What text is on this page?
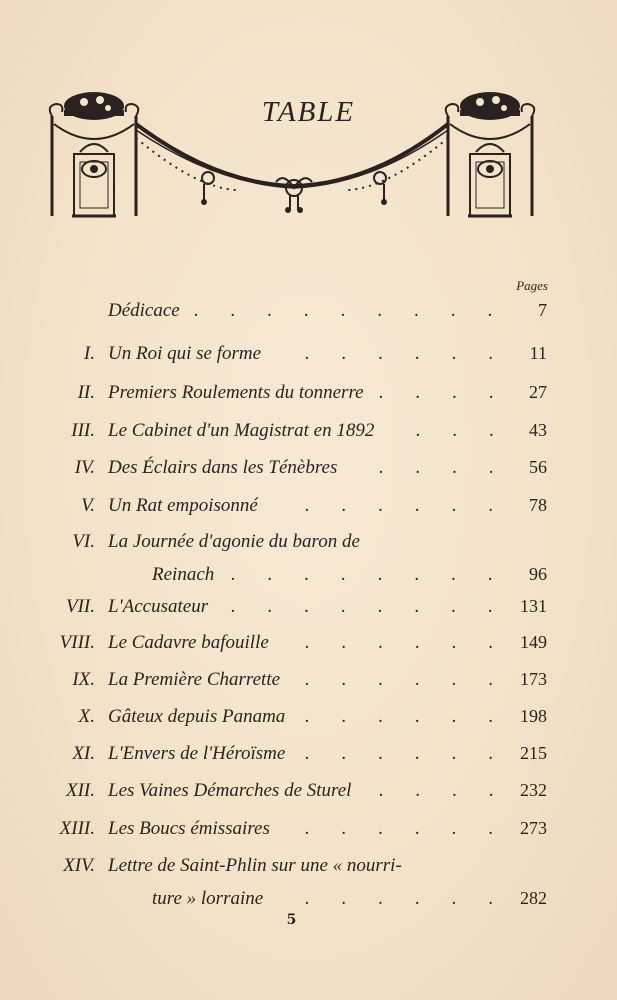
TABLE
Pages
Dédicace	7
.........
I. Un Roi qui se forme	11
......
II. Premiers Roulements du tonnerre	27
....
III. Le Cabinet d'un Magistrat en 1892	43
...
IV. Des Éclairs dans les Ténèbres	56
....
V. Un Rat empoisonné	78
......
VI. La Journée d'agonie du baron de
Reinach	96
........
VII. L'Accusateur	131
........
VIII. Le Cadavre bafouille	149
......
IX. La Première Charrette	173
......
X. Gâteux depuis Panama	198
......
XI. L'Envers de l'Héroïsme	215
......
XII. Les Vaines Démarches de Sturel	232
....
XIII. Les Boucs émissaires	273
......
XIV. Lettre de Saint-Phlin sur une « nourri-
ture » lorraine	282
......
5
